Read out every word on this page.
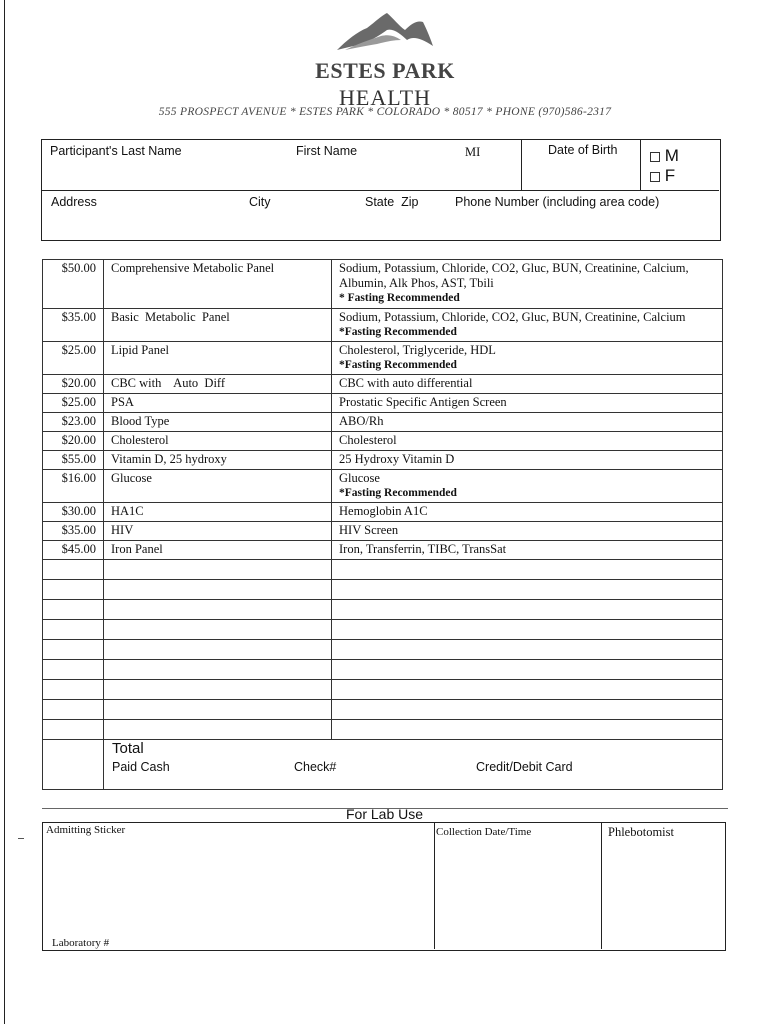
ESTES PARK
HEALTH
555 PROSPECT AVENUE * ESTES PARK * COLORADO * 80517 * PHONE (970)586-2317
Participant's Last Name	First Name	MI	Date of Birth	M
F
Address	City	State  Zip	Phone Number (including area code)
$50.00	Comprehensive Metabolic Panel	Sodium, Potassium, Chloride, CO2, Gluc, BUN, Creatinine, Calcium, Albumin, Alk Phos, AST, Tbili
* Fasting Recommended

$35.00	Basic  Metabolic  Panel	Sodium, Potassium, Chloride, CO2, Gluc, BUN, Creatinine, Calcium
*Fasting Recommended

$25.00	Lipid Panel	Cholesterol, Triglyceride, HDL
*Fasting Recommended

$20.00	CBC with    Auto  Diff	CBC with auto differential

$25.00	PSA	Prostatic Specific Antigen Screen

$23.00	Blood Type	ABO/Rh

$20.00	Cholesterol	Cholesterol

$55.00	Vitamin D, 25 hydroxy	25 Hydroxy Vitamin D

$16.00	Glucose	Glucose
*Fasting Recommended

$30.00	HA1C	Hemoglobin A1C

$35.00	HIV	HIV Screen

$45.00	Iron Panel	Iron, Transferrin, TIBC, TransSat

	Total
Paid Cash Check# Credit/Debit Card	
For Lab Use
Admitting Sticker
Laboratory #
Collection Date/Time	Phlebotomist
